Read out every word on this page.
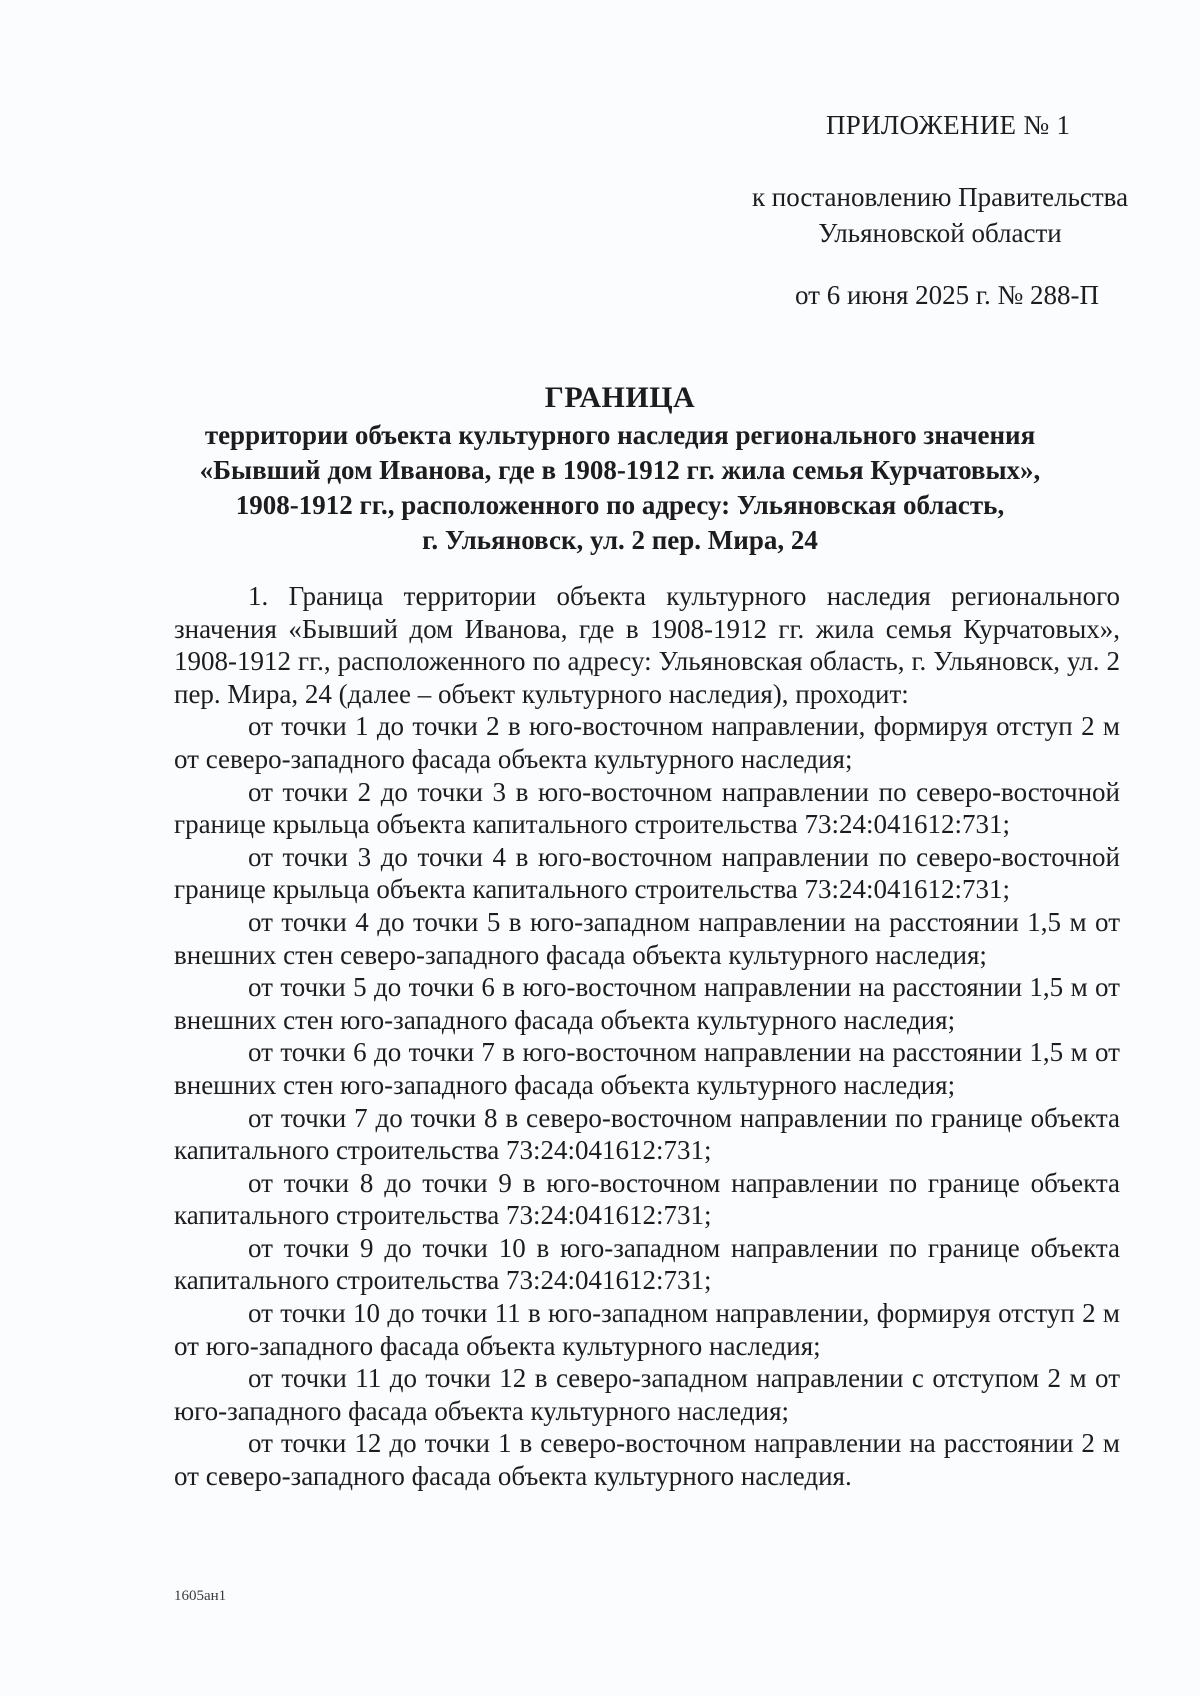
ПРИЛОЖЕНИЕ № 1
к постановлению Правительства
Ульяновской области
от 6 июня 2025 г. № 288-П
ГРАНИЦА
территории объекта культурного наследия регионального значения
«Бывший дом Иванова, где в 1908-1912 гг. жила семья Курчатовых»,
1908-1912 гг., расположенного по адресу: Ульяновская область,
г. Ульяновск, ул. 2 пер. Мира, 24

1. Граница территории объекта культурного наследия регионального значения «Бывший дом Иванова, где в 1908-1912 гг. жила семья Курчатовых», 1908-1912 гг., расположенного по адресу: Ульяновская область, г. Ульяновск, ул. 2 пер. Мира, 24 (далее – объект культурного наследия), проходит:

от точки 1 до точки 2 в юго-восточном направлении, формируя отступ 2 м от северо-западного фасада объекта культурного наследия;

от точки 2 до точки 3 в юго-восточном направлении по северо-восточной границе крыльца объекта капитального строительства 73:24:041612:731;

от точки 3 до точки 4 в юго-восточном направлении по северо-восточной границе крыльца объекта капитального строительства 73:24:041612:731;

от точки 4 до точки 5 в юго-западном направлении на расстоянии 1,5 м от внешних стен северо-западного фасада объекта культурного наследия;

от точки 5 до точки 6 в юго-восточном направлении на расстоянии 1,5 м от внешних стен юго-западного фасада объекта культурного наследия;

от точки 6 до точки 7 в юго-восточном направлении на расстоянии 1,5 м от внешних стен юго-западного фасада объекта культурного наследия;

от точки 7 до точки 8 в северо-восточном направлении по границе объекта капитального строительства 73:24:041612:731;

от точки 8 до точки 9 в юго-восточном направлении по границе объекта капитального строительства 73:24:041612:731;

от точки 9 до точки 10 в юго-западном направлении по границе объекта капитального строительства 73:24:041612:731;

от точки 10 до точки 11 в юго-западном направлении, формируя отступ 2 м от юго-западного фасада объекта культурного наследия;

от точки 11 до точки 12 в северо-западном направлении с отступом 2 м от юго-западного фасада объекта культурного наследия;

от точки 12 до точки 1 в северо-восточном направлении на расстоянии 2 м от северо-западного фасада объекта культурного наследия.

1605ан1
